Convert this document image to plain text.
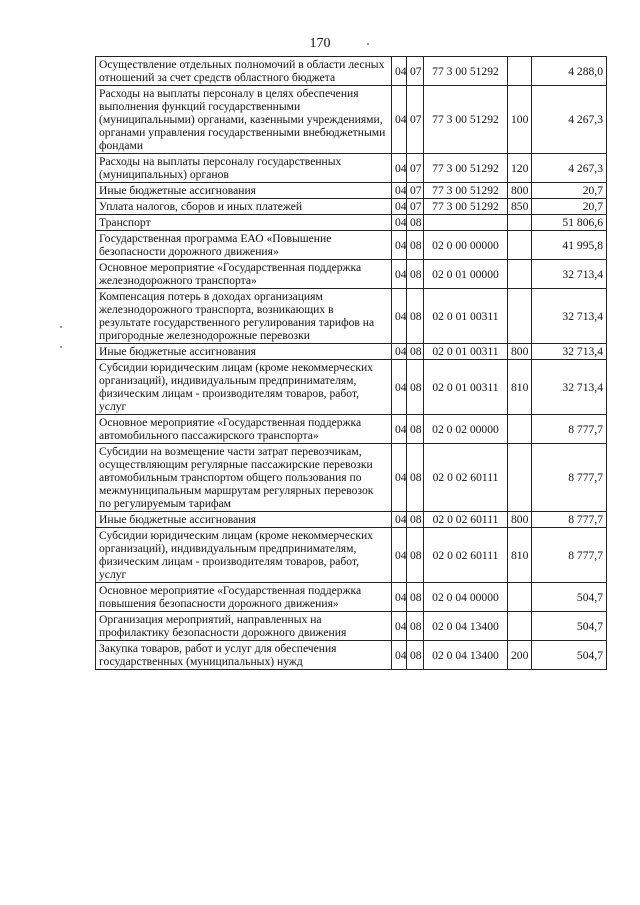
170
Осуществление отдельных полномочий в области лесных отношений за счет средств областного бюджета	04	07	77 3 00 51292		4 288,0
Расходы на выплаты персоналу в целях обеспечения выполнения функций государственными (муниципальными) органами, казенными учреждениями, органами управления государственными внебюджетными фондами	04	07	77 3 00 51292	100	4 267,3
Расходы на выплаты персоналу государственных (муниципальных) органов	04	07	77 3 00 51292	120	4 267,3
Иные бюджетные ассигнования	04	07	77 3 00 51292	800	20,7
Уплата налогов, сборов и иных платежей	04	07	77 3 00 51292	850	20,7
Транспорт	04	08			51 806,6
Государственная программа ЕАО «Повышение безопасности дорожного движения»	04	08	02 0 00 00000		41 995,8
Основное мероприятие «Государственная поддержка железнодорожного транспорта»	04	08	02 0 01 00000		32 713,4
Компенсация потерь в доходах организациям железнодорожного транспорта, возникающих в результате государственного регулирования тарифов на пригородные железнодорожные перевозки	04	08	02 0 01 00311		32 713,4
Иные бюджетные ассигнования	04	08	02 0 01 00311	800	32 713,4
Субсидии юридическим лицам (кроме некоммерческих организаций), индивидуальным предпринимателям, физическим лицам - производителям товаров, работ, услуг	04	08	02 0 01 00311	810	32 713,4
Основное мероприятие «Государственная поддержка автомобильного пассажирского транспорта»	04	08	02 0 02 00000		8 777,7
Субсидии на возмещение части затрат перевозчикам, осуществляющим регулярные пассажирские перевозки автомобильным транспортом общего пользования по межмуниципальным маршрутам регулярных перевозок по регулируемым тарифам	04	08	02 0 02 60111		8 777,7
Иные бюджетные ассигнования	04	08	02 0 02 60111	800	8 777,7
Субсидии юридическим лицам (кроме некоммерческих организаций), индивидуальным предпринимателям, физическим лицам - производителям товаров, работ, услуг	04	08	02 0 02 60111	810	8 777,7
Основное мероприятие «Государственная поддержка повышения безопасности дорожного движения»	04	08	02 0 04 00000		504,7
Организация мероприятий, направленных на профилактику безопасности дорожного движения	04	08	02 0 04 13400		504,7
Закупка товаров, работ и услуг для обеспечения государственных (муниципальных) нужд	04	08	02 0 04 13400	200	504,7
